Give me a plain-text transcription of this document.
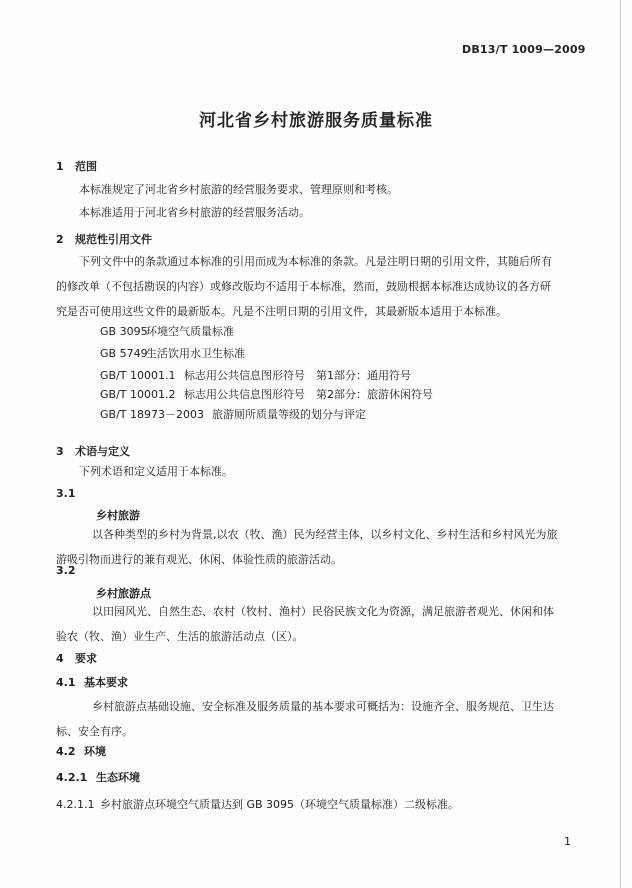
DB13/T 1009—2009

河北省乡村旅游服务质量标准

1 范围

本标准规定了河北省乡村旅游的经营服务要求、管理原则和考核。

本标准适用于河北省乡村旅游的经营服务活动。

2 规范性引用文件

下列文件中的条款通过本标准的引用而成为本标准的条款。凡是注明日期的引用文件，其随后所有
的修改单（不包括勘误的内容）或修改版均不适用于本标准，然而，鼓励根据本标准达成协议的各方研
究是否可使用这些文件的最新版本。凡是不注明日期的引用文件，其最新版本适用于本标准。

GB 3095环境空气质量标准

GB 5749生活饮用水卫生标准

GB/T 10001.1 标志用公共信息图形符号　第1部分：通用符号

GB/T 10001.2 标志用公共信息图形符号　第2部分：旅游休闲符号

GB/T 18973－2003 旅游厕所质量等级的划分与评定

3 术语与定义

下列术语和定义适用于本标准。

3.1

乡村旅游

以各种类型的乡村为背景,以农（牧、渔）民为经营主体，以乡村文化、乡村生活和乡村风光为旅
游吸引物而进行的兼有观光、休闲、体验性质的旅游活动。

3.2

乡村旅游点

以田园风光、自然生态、农村（牧村、渔村）民俗民族文化为资源，满足旅游者观光、休闲和体
验农（牧、渔）业生产、生活的旅游活动点（区）。

4 要求

4.1 基本要求

乡村旅游点基础设施、安全标准及服务质量的基本要求可概括为：设施齐全、服务规范、卫生达
标、安全有序。

4.2 环境

4.2.1 生态环境

4.2.1.1 乡村旅游点环境空气质量达到 GB 3095（环境空气质量标准）二级标准。

1
